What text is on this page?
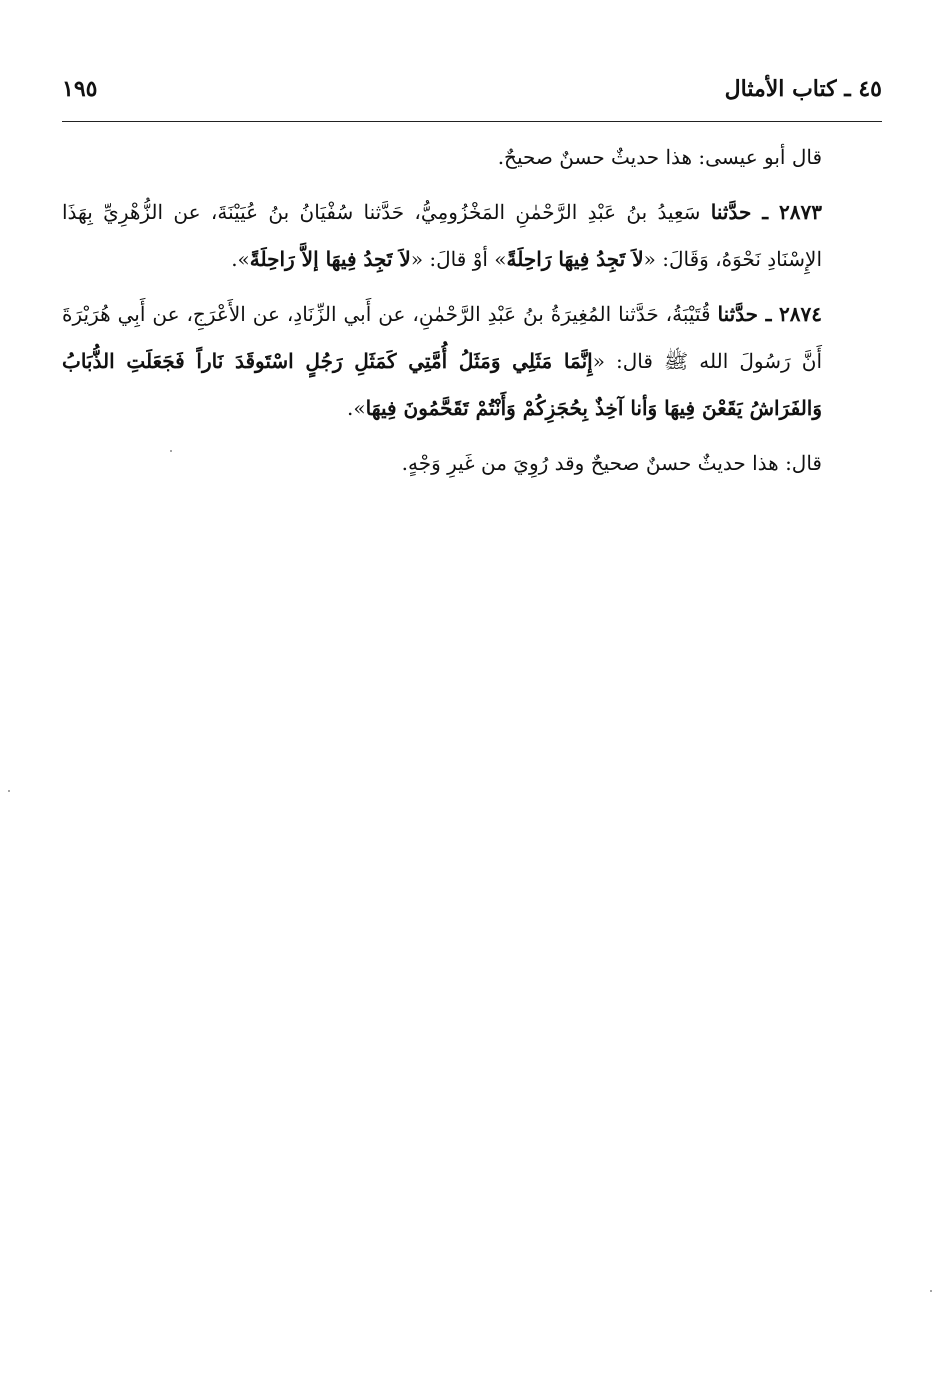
٤٥ ـ كتاب الأمثال
١٩٥

قال أبو عيسى: هذا حديثٌ حسنٌ صحيحٌ.

٢٨٧٣ ـ حدَّثنا سَعِيدُ بنُ عَبْدِ الرَّحْمٰنِ المَخْزُومِيُّ، حَدَّثنا سُفْيَانُ بنُ عُيَيْنَةَ، عن الزُّهْرِيِّ بِهَذَا الإِسْنَادِ نَحْوَهُ، وَقَالَ: «لاَ تَجِدُ فِيهَا رَاحِلَةً» أوْ قالَ: «لاَ تَجِدُ فِيهَا إلاَّ رَاحِلَةً».

٢٨٧٤ ـ حدَّثنا قُتَيْبَةُ، حَدَّثنا المُغِيرَةُ بنُ عَبْدِ الرَّحْمٰنِ، عن أَبي الزِّنَادِ، عن الأَعْرَجِ، عن أَبِي هُرَيْرَةَ أَنَّ رَسُولَ الله ﷺ قال: «إِنَّمَا مَثَلِي وَمَثَلُ أُمَّتِي كَمَثَلِ رَجُلٍ اسْتَوقَدَ نَاراً فَجَعَلَتِ الذُّبَابُ وَالفَرَاشُ يَقَعْنَ فِيهَا وَأنا آخِذٌ بِحُجَزِكُمْ وَأَنْتُمْ تَقَحَّمُونَ فِيهَا».

قال: هذا حديثٌ حسنٌ صحيحٌ وقد رُوِيَ من غَيرِ وَجْهٍ.
